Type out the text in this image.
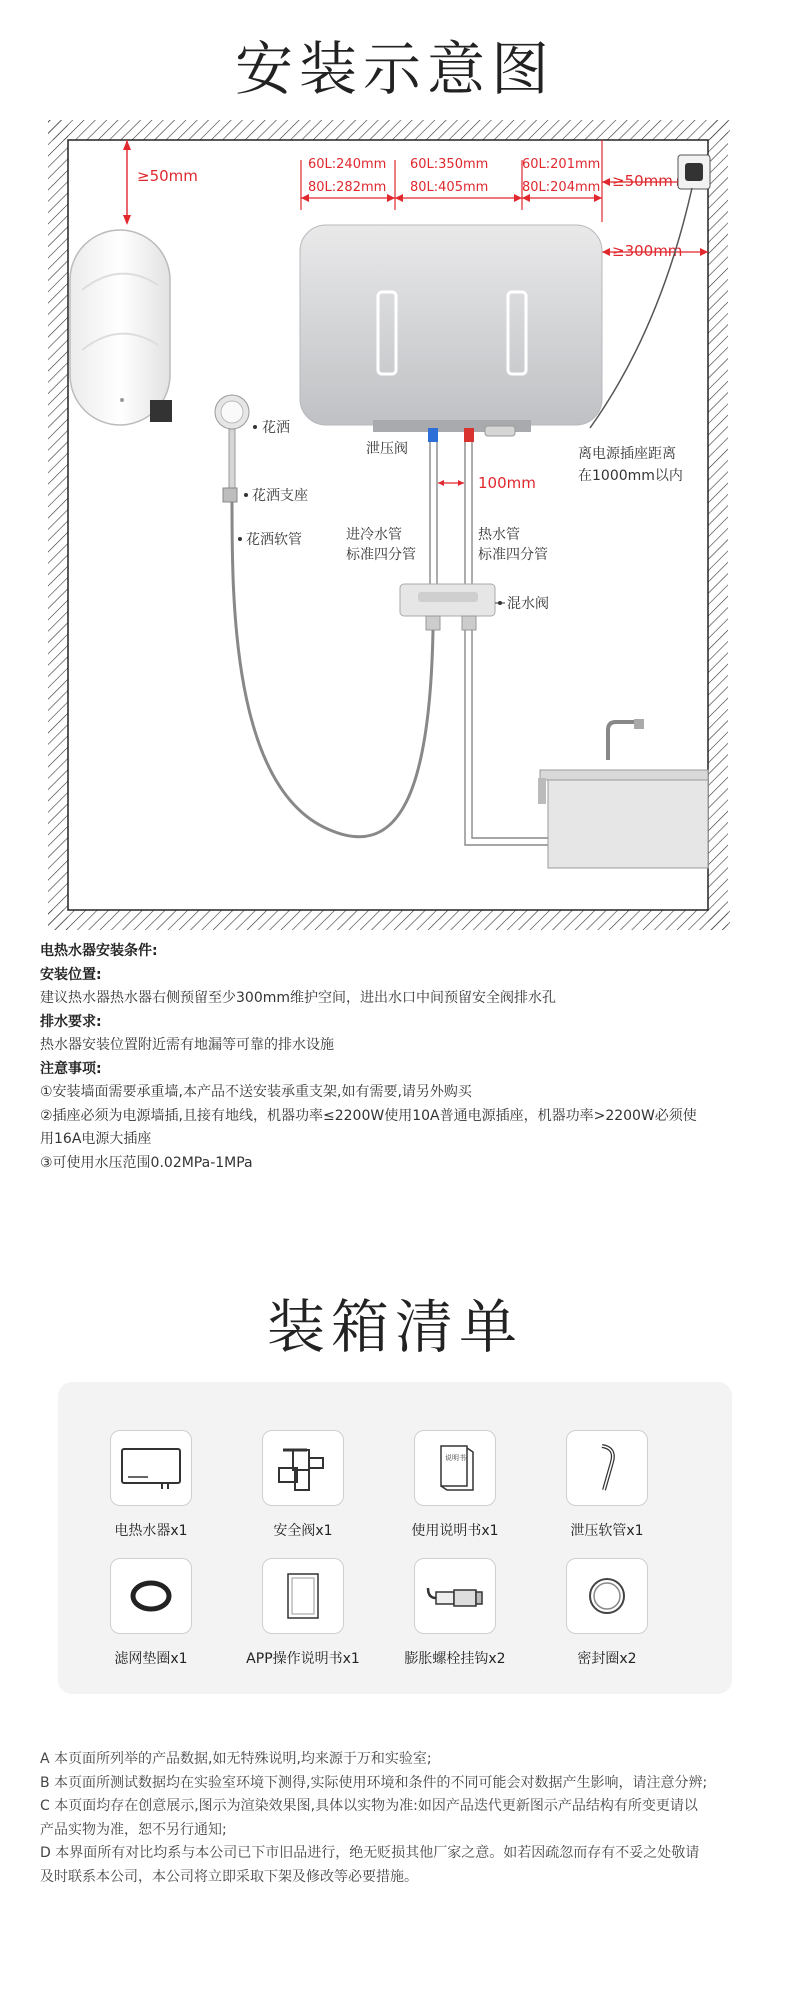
安装示意图
≥50mm
60L:240mm
80L:282mm
60L:350mm
80L:405mm
60L:201mm
80L:204mm ≥50mm
≥300mm
离电源插座距离
在1000mm以内
泄压阀
100mm
进冷水管
标准四分管
热水管
标准四分管
混水阀
花洒
花洒支座
花洒软管
电热水器安装条件:
安装位置:
建议热水器热水器右侧预留至少300mm维护空间，进出水口中间预留安全阀排水孔
排水要求:
热水器安装位置附近需有地漏等可靠的排水设施
注意事项:
①安装墙面需要承重墙,本产品不送安装承重支架,如有需要,请另外购买
②插座必须为电源墙插,且接有地线，机器功率≤2200W使用10A普通电源插座，机器功率>2200W必须使
用16A电源大插座
③可使用水压范围0.02MPa-1MPa
装箱清单
电热水器x1	安全阀x1
说明书
使用说明书x1	泄压软管x1
滤网垫圈x1	APP操作说明书x1	膨胀螺栓挂钩x2	密封圈x2
A 本页面所列举的产品数据,如无特殊说明,均来源于万和实验室;
B 本页面所测试数据均在实验室环境下测得,实际使用环境和条件的不同可能会对数据产生影响，请注意分辨;
C 本页面均存在创意展示,图示为渲染效果图,具体以实物为准:如因产品迭代更新图示产品结构有所变更请以
产品实物为准，恕不另行通知;
D 本界面所有对比均系与本公司已下市旧品进行，绝无贬损其他厂家之意。如若因疏忽而存有不妥之处敬请
及时联系本公司，本公司将立即采取下架及修改等必要措施。
